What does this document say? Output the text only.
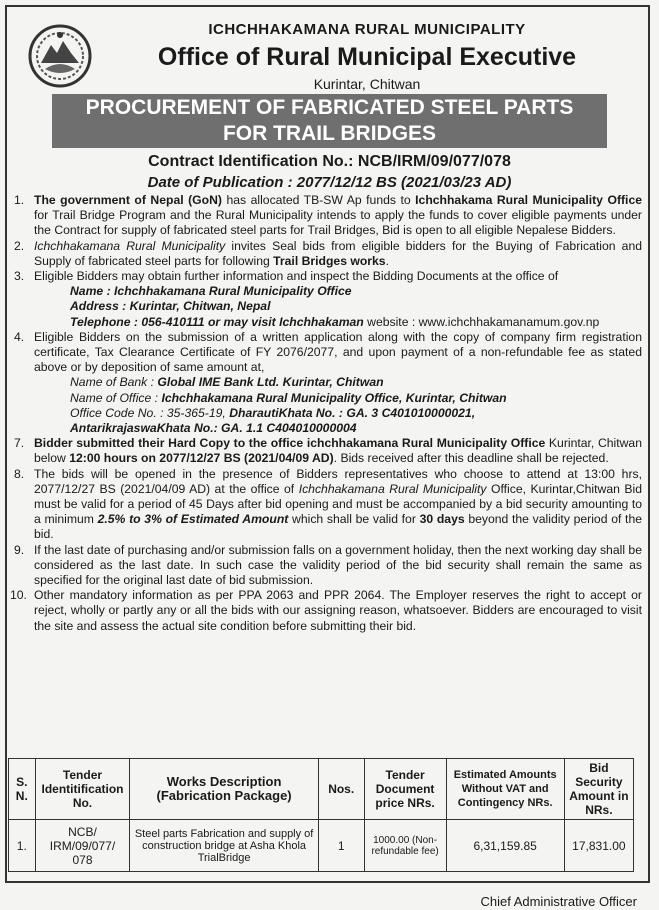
ICHCHHAKAMANA RURAL MUNICIPALITY
Office of Rural Municipal Executive
Kurintar, Chitwan
PROCUREMENT OF FABRICATED STEEL PARTS
FOR TRAIL BRIDGES
Contract Identification No.: NCB/IRM/09/077/078
Date of Publication : 2077/12/12 BS (2021/03/23 AD)
1. The government of Nepal (GoN) has allocated TB-SW Ap funds to Ichchhakama Rural Municipality Office for Trail Bridge Program and the Rural Municipality intends to apply the funds to cover eligible payments under the Contract for supply of fabricated steel parts for Trail Bridges, Bid is open to all eligible Nepalese Bidders.
2. Ichchhakamana Rural Municipality invites Seal bids from eligible bidders for the Buying of Fabrication and Supply of fabricated steel parts for following Trail Bridges works.
3. Eligible Bidders may obtain further information and inspect the Bidding Documents at the office of
Name : Ichchhakamana Rural Municipality Office
Address : Kurintar, Chitwan, Nepal
Telephone : 056-410111 or may visit Ichchhakaman website : www.ichchhakamanamum.gov.np
4. Eligible Bidders on the submission of a written application along with the copy of company firm registration certificate, Tax Clearance Certificate of FY 2076/2077, and upon payment of a non-refundable fee as stated above or by deposition of same amount at,
Name of Bank : Global IME Bank Ltd. Kurintar, Chitwan
Name of Office : Ichchhakamana Rural Municipality Office, Kurintar, Chitwan
Office Code No. : 35-365-19, DharautiKhata No. : GA. 3 C401010000021,
AntarikrajaswaKhata No.: GA. 1.1 C404010000004
7. Bidder submitted their Hard Copy to the office ichchhakamana Rural Municipality Office Kurintar, Chitwan below 12:00 hours on 2077/12/27 BS (2021/04/09 AD). Bids received after this deadline shall be rejected.
8. The bids will be opened in the presence of Bidders representatives who choose to attend at 13:00 hrs, 2077/12/27 BS (2021/04/09 AD) at the office of Ichchhakamana Rural Municipality Office, Kurintar,Chitwan Bid must be valid for a period of 45 Days after bid opening and must be accompanied by a bid security amounting to a minimum 2.5% to 3% of Estimated Amount which shall be valid for 30 days beyond the validity period of the bid.
9. If the last date of purchasing and/or submission falls on a government holiday, then the next working day shall be considered as the last date. In such case the validity period of the bid security shall remain the same as specified for the original last date of bid submission.
10. Other mandatory information as per PPA 2063 and PPR 2064. The Employer reserves the right to accept or reject, wholly or partly any or all the bids with our assigning reason, whatsoever. Bidders are encouraged to visit the site and assess the actual site condition before submitting their bid.
S. N.	Tender Identitification No.	Works Description (Fabrication Package)	Nos.	Tender Document price NRs.	Estimated Amounts Without VAT and Contingency NRs.	Bid Security Amount in NRs.
1.	NCB/ IRM/09/077/ 078	Steel parts Fabrication and supply of construction bridge at Asha Khola TrialBridge	1	1000.00 (Non-refundable fee)	6,31,159.85	17,831.00
Chief Administrative Officer
